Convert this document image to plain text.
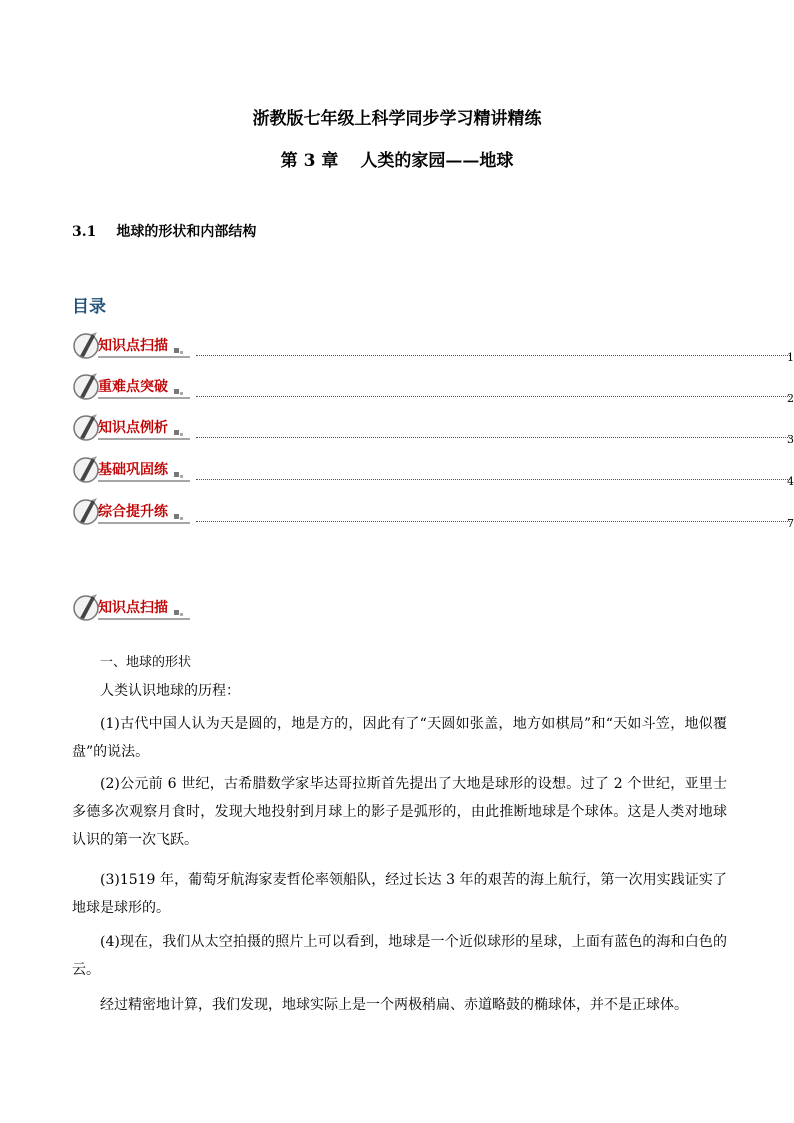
浙教版七年级上科学同步学习精讲精练
第 3 章 人类的家园——地球
3.1 地球的形状和内部结构
目录
知识点扫描
1
重难点突破
2
知识点例析
3
基础巩固练
4
综合提升练
7
知识点扫描
一、地球的形状
人类认识地球的历程：
(1)古代中国人认为天是圆的，地是方的，因此有了“天圆如张盖，地方如棋局”和“天如斗笠，地似覆盘”的说法。
(2)公元前 6 世纪，古希腊数学家毕达哥拉斯首先提出了大地是球形的设想。过了 2 个世纪，亚里士多德多次观察月食时，发现大地投射到月球上的影子是弧形的，由此推断地球是个球体。这是人类对地球认识的第一次飞跃。
(3)1519 年，葡萄牙航海家麦哲伦率领船队，经过长达 3 年的艰苦的海上航行，第一次用实践证实了地球是球形的。
(4)现在，我们从太空拍摄的照片上可以看到，地球是一个近似球形的星球，上面有蓝色的海和白色的云。
经过精密地计算，我们发现，地球实际上是一个两极稍扁、赤道略鼓的椭球体，并不是正球体。
